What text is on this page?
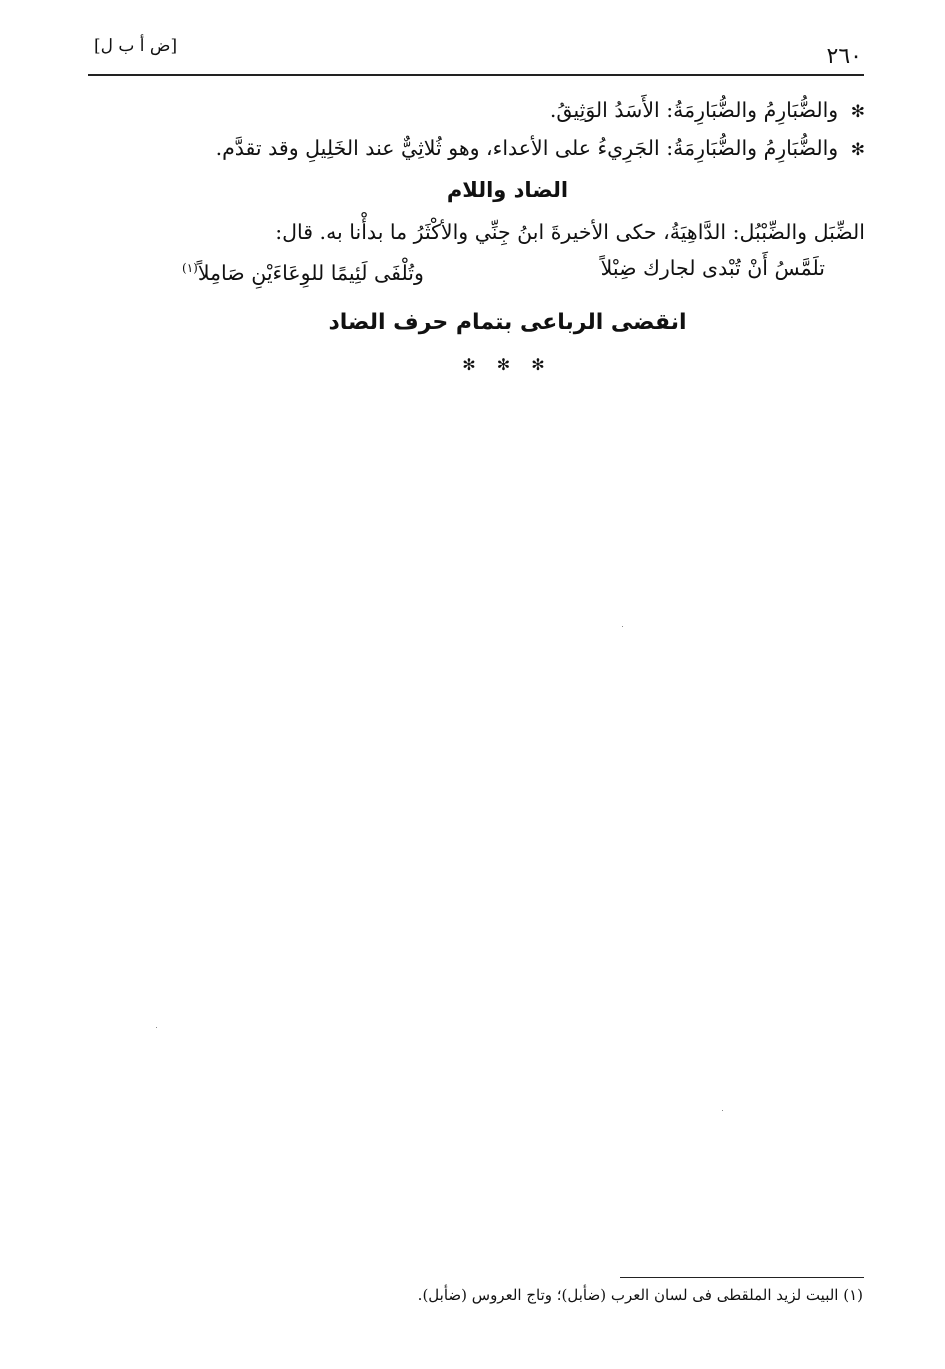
٢٦٠
[ض أ ب ل]
✻ والضُّبَارِمُ والضُّبَارِمَةُ: الأَسَدُ الوَثِيقُ.
✻ والضُّبَارِمُ والضُّبَارِمَةُ: الجَرِيءُ على الأعداء، وهو ثُلاثِيٌّ عند الخَلِيلِ وقد تقدَّم.
الضاد واللام
الضِّبَل والضِّبْبُل: الدَّاهِيَةُ، حكى الأخيرةَ ابنُ جِنِّي والأكْثَرُ ما بدأْنا به. قال:
تلَمَّسُ أَنْ تُبْدى لجارك ضِبْلاً
وتُلْفَى لَئِيمًا للوِعَاءَيْنِ صَامِلاً$^{(١)}$
انقضى الرباعى بتمام حرف الضاد
✻ ✻ ✻
(١) البيت لزيد الملقطى فى لسان العرب (ضأبل)؛ وتاج العروس (ضأبل).
